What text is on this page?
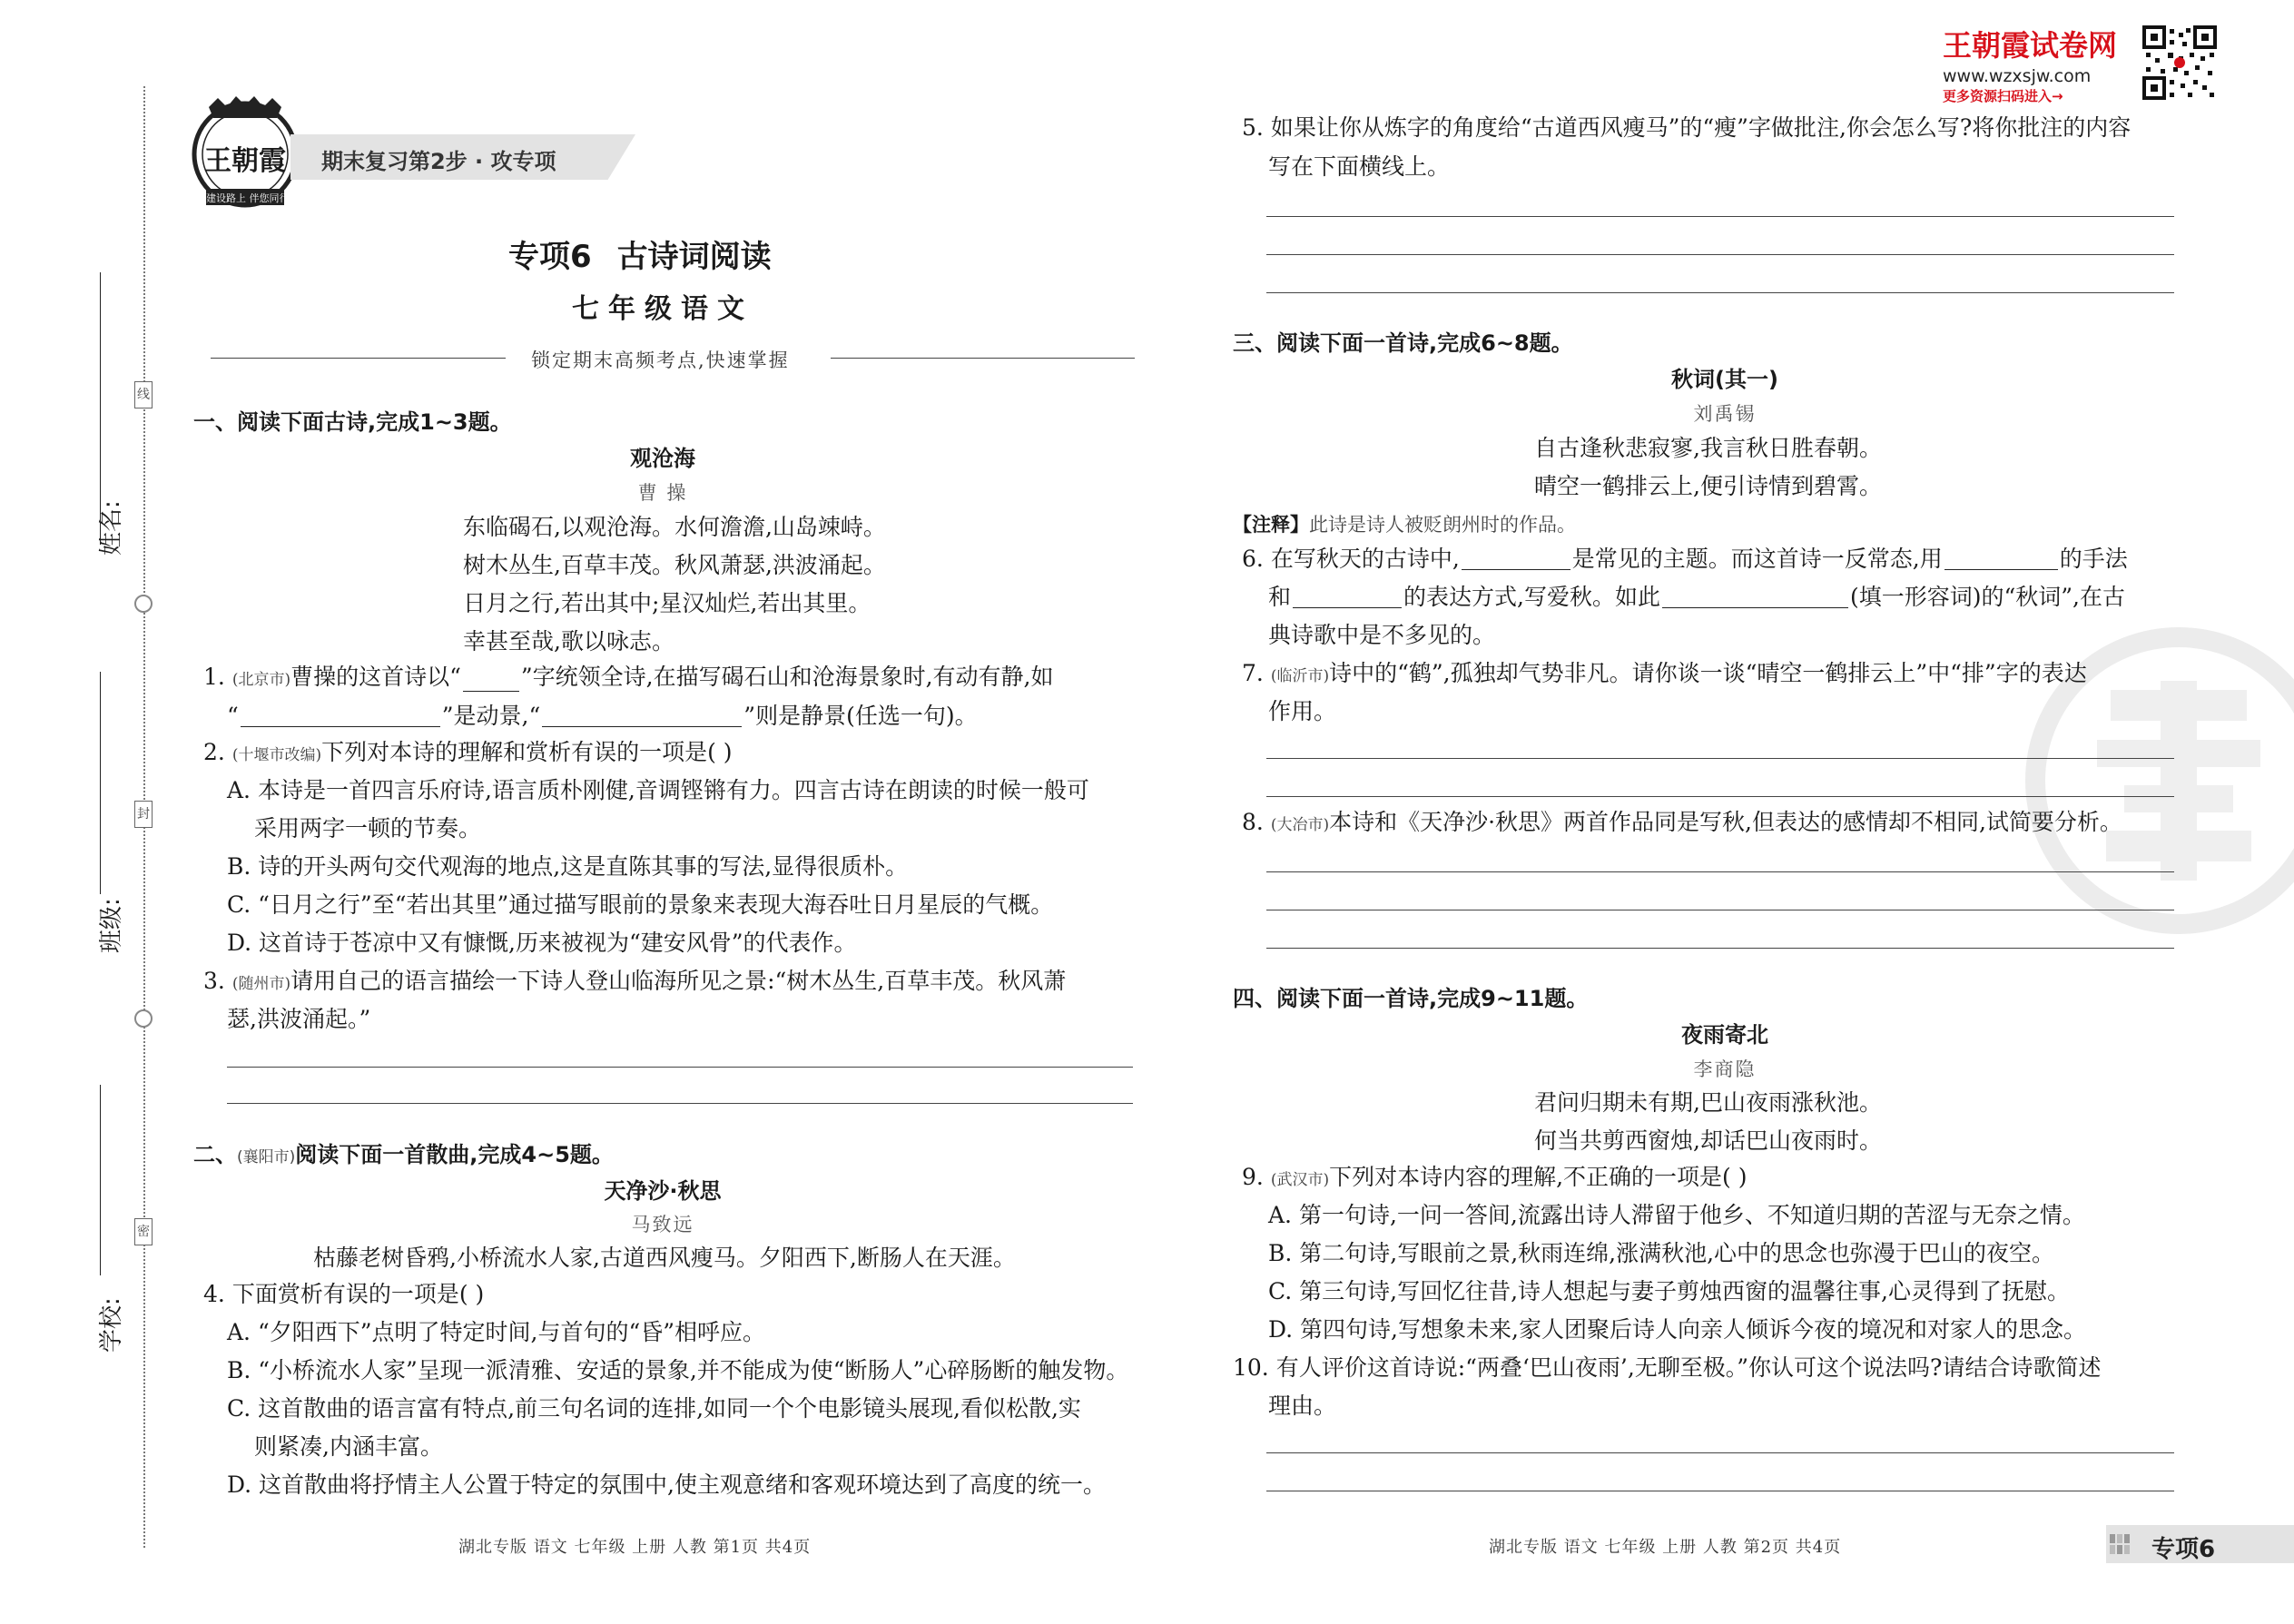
姓名:
班级:
学校:
线
封
密
王朝霞
建设路上 伴您同行
期末复习第2步 · 攻专项
专项6 古诗词阅读
七年级语文
锁定期末高频考点,快速掌握
一、阅读下面古诗,完成1~3题。
观沧海
曹 操
东临碣石,以观沧海。水何澹澹,山岛竦峙。
树木丛生,百草丰茂。秋风萧瑟,洪波涌起。
日月之行,若出其中;星汉灿烂,若出其里。
幸甚至哉,歌以咏志。
1. (北京市)曹操的这首诗以“	”字统领全诗,在描写碣石山和沧海景象时,有动有静,如
“	”是动景,“	”则是静景(任选一句)。
2. (十堰市改编)下列对本诗的理解和赏析有误的一项是( )
A. 本诗是一首四言乐府诗,语言质朴刚健,音调铿锵有力。四言古诗在朗读的时候一般可
采用两字一顿的节奏。
B. 诗的开头两句交代观海的地点,这是直陈其事的写法,显得很质朴。
C. “日月之行”至“若出其里”通过描写眼前的景象来表现大海吞吐日月星辰的气概。
D. 这首诗于苍凉中又有慷慨,历来被视为“建安风骨”的代表作。
3. (随州市)请用自己的语言描绘一下诗人登山临海所见之景:“树木丛生,百草丰茂。秋风萧
瑟,洪波涌起。”
二、(襄阳市)阅读下面一首散曲,完成4~5题。
天净沙·秋思
马致远
枯藤老树昏鸦,小桥流水人家,古道西风瘦马。夕阳西下,断肠人在天涯。
4. 下面赏析有误的一项是( )
A. “夕阳西下”点明了特定时间,与首句的“昏”相呼应。
B. “小桥流水人家”呈现一派清雅、安适的景象,并不能成为使“断肠人”心碎肠断的触发物。
C. 这首散曲的语言富有特点,前三句名词的连排,如同一个个电影镜头展现,看似松散,实
则紧凑,内涵丰富。
D. 这首散曲将抒情主人公置于特定的氛围中,使主观意绪和客观环境达到了高度的统一。
湖北专版 语文 七年级 上册 人教 第1页 共4页
王朝霞试卷网
www.wzxsjw.com
更多资源扫码进入→
5. 如果让你从炼字的角度给“古道西风瘦马”的“瘦”字做批注,你会怎么写?将你批注的内容
写在下面横线上。
三、阅读下面一首诗,完成6~8题。
秋词(其一)
刘禹锡
自古逢秋悲寂寥,我言秋日胜春朝。
晴空一鹤排云上,便引诗情到碧霄。
【注释】此诗是诗人被贬朗州时的作品。
6. 在写秋天的古诗中,	是常见的主题。而这首诗一反常态,用	的手法
和	的表达方式,写爱秋。如此	(填一形容词)的“秋词”,在古
典诗歌中是不多见的。
7. (临沂市)诗中的“鹤”,孤独却气势非凡。请你谈一谈“晴空一鹤排云上”中“排”字的表达
作用。
8. (大冶市)本诗和《天净沙·秋思》两首作品同是写秋,但表达的感情却不相同,试简要分析。
四、阅读下面一首诗,完成9~11题。
夜雨寄北
李商隐
君问归期未有期,巴山夜雨涨秋池。
何当共剪西窗烛,却话巴山夜雨时。
9. (武汉市)下列对本诗内容的理解,不正确的一项是( )
A. 第一句诗,一问一答间,流露出诗人滞留于他乡、不知道归期的苦涩与无奈之情。
B. 第二句诗,写眼前之景,秋雨连绵,涨满秋池,心中的思念也弥漫于巴山的夜空。
C. 第三句诗,写回忆往昔,诗人想起与妻子剪烛西窗的温馨往事,心灵得到了抚慰。
D. 第四句诗,写想象未来,家人团聚后诗人向亲人倾诉今夜的境况和对家人的思念。
10. 有人评价这首诗说:“两叠‘巴山夜雨’,无聊至极。”你认可这个说法吗?请结合诗歌简述
理由。
湖北专版 语文 七年级 上册 人教 第2页 共4页	专项6
